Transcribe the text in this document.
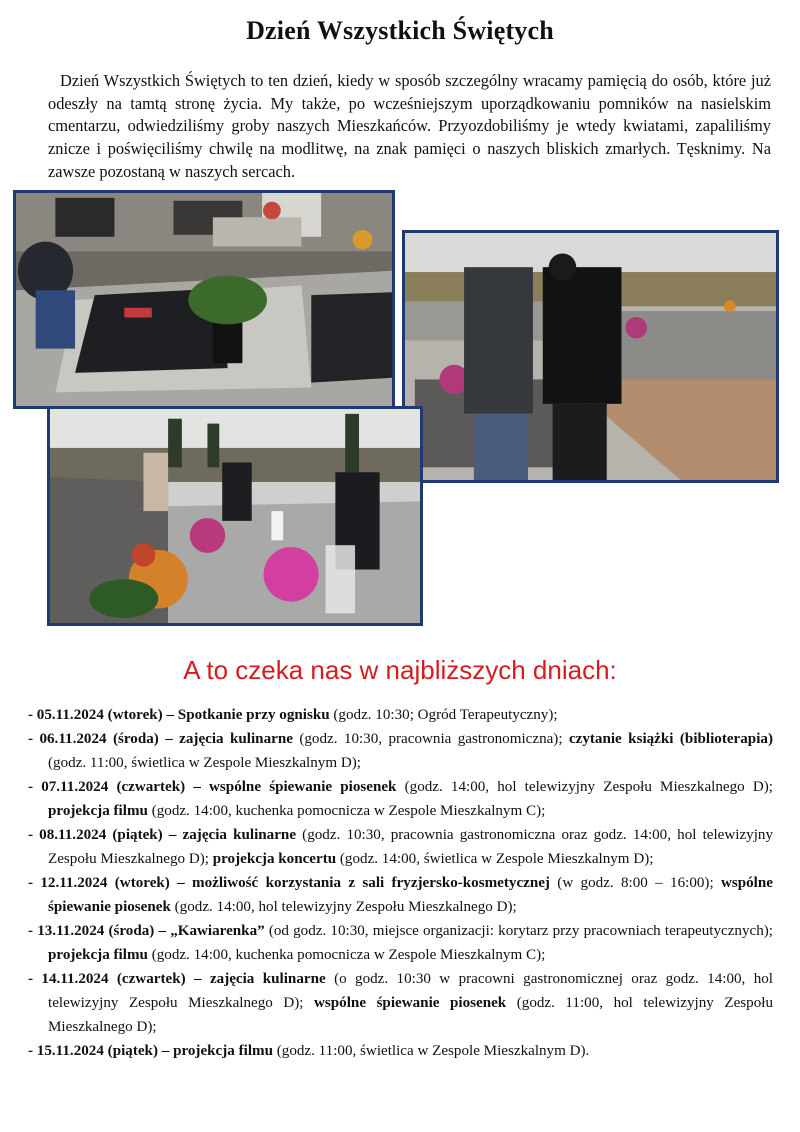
Dzień Wszystkich Świętych

Dzień Wszystkich Świętych to ten dzień, kiedy w sposób szczególny wracamy pamięcią do osób, które już odeszły na tamtą stronę życia. My także, po wcześniejszym uporządkowaniu pomników na nasielskim cmentarzu, odwiedziliśmy groby naszych Mieszkańców. Przyozdobiliśmy je wtedy kwiatami, zapaliliśmy znicze i poświęciliśmy chwilę na modlitwę, na znak pamięci o naszych bliskich zmarłych. Tęsknimy. Na zawsze pozostaną w naszych sercach.

A to czeka nas w najbliższych dniach:
- 05.11.2024 (wtorek) – Spotkanie przy ognisku (godz. 10:30; Ogród Terapeutyczny);
- 06.11.2024 (środa) – zajęcia kulinarne (godz. 10:30, pracownia gastronomiczna); czytanie książki (biblioterapia) (godz. 11:00, świetlica w Zespole Mieszkalnym D);
- 07.11.2024 (czwartek) – wspólne śpiewanie piosenek (godz. 14:00, hol telewizyjny Zespołu Mieszkalnego D); projekcja filmu (godz. 14:00, kuchenka pomocnicza w Zespole Mieszkalnym C);
- 08.11.2024 (piątek) – zajęcia kulinarne (godz. 10:30, pracownia gastronomiczna oraz godz. 14:00, hol telewizyjny Zespołu Mieszkalnego D); projekcja koncertu (godz. 14:00, świetlica w Zespole Mieszkalnym D);
- 12.11.2024 (wtorek) – możliwość korzystania z sali fryzjersko-kosmetycznej (w godz. 8:00 – 16:00); wspólne śpiewanie piosenek (godz. 14:00, hol telewizyjny Zespołu Mieszkalnego D);
- 13.11.2024 (środa) – „Kawiarenka” (od godz. 10:30, miejsce organizacji: korytarz przy pracowniach terapeutycznych); projekcja filmu (godz. 14:00, kuchenka pomocnicza w Zespole Mieszkalnym C);
- 14.11.2024 (czwartek) – zajęcia kulinarne (o godz. 10:30 w pracowni gastronomicznej oraz godz. 14:00, hol telewizyjny Zespołu Mieszkalnego D); wspólne śpiewanie piosenek (godz. 11:00, hol telewizyjny Zespołu Mieszkalnego D);
- 15.11.2024 (piątek) – projekcja filmu (godz. 11:00, świetlica w Zespole Mieszkalnym D).
